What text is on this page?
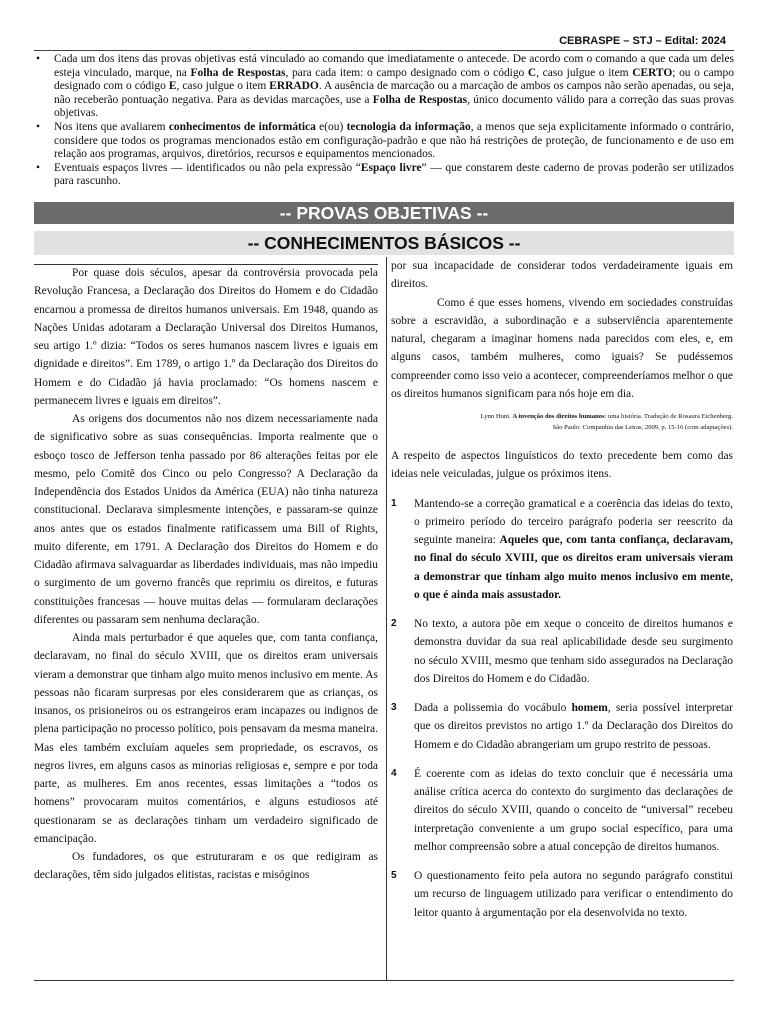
CEBRASPE – STJ – Edital: 2024
•	Cada um dos itens das provas objetivas está vinculado ao comando que imediatamente o antecede. De acordo com o comando a que cada um deles esteja vinculado, marque, na Folha de Respostas, para cada item: o campo designado com o código C, caso julgue o item CERTO; ou o campo designado com o código E, caso julgue o item ERRADO. A ausência de marcação ou a marcação de ambos os campos não serão apenadas, ou seja, não receberão pontuação negativa. Para as devidas marcações, use a Folha de Respostas, único documento válido para a correção das suas provas objetivas.
•	Nos itens que avaliarem conhecimentos de informática e(ou) tecnologia da informação, a menos que seja explicitamente informado o contrário, considere que todos os programas mencionados estão em configuração-padrão e que não há restrições de proteção, de funcionamento e de uso em relação aos programas, arquivos, diretórios, recursos e equipamentos mencionados.
•	Eventuais espaços livres — identificados ou não pela expressão “Espaço livre” — que constarem deste caderno de provas poderão ser utilizados para rascunho.
-- PROVAS OBJETIVAS --
-- CONHECIMENTOS BÁSICOS --

Por quase dois séculos, apesar da controvérsia provocada pela Revolução Francesa, a Declaração dos Direitos do Homem e do Cidadão encarnou a promessa de direitos humanos universais. Em 1948, quando as Nações Unidas adotaram a Declaração Universal dos Direitos Humanos, seu artigo 1.º dizia: “Todos os seres humanos nascem livres e iguais em dignidade e direitos”. Em 1789, o artigo 1.º da Declaração dos Direitos do Homem e do Cidadão já havia proclamado: “Os homens nascem e permanecem livres e iguais em direitos”.

As origens dos documentos não nos dizem necessariamente nada de significativo sobre as suas consequências. Importa realmente que o esboço tosco de Jefferson tenha passado por 86 alterações feitas por ele mesmo, pelo Comitê dos Cinco ou pelo Congresso? A Declaração da Independência dos Estados Unidos da América (EUA) não tinha natureza constitucional. Declarava simplesmente intenções, e passaram-se quinze anos antes que os estados finalmente ratificassem uma Bill of Rights, muito diferente, em 1791. A Declaração dos Direitos do Homem e do Cidadão afirmava salvaguardar as liberdades individuais, mas não impediu o surgimento de um governo francês que reprimiu os direitos, e futuras constituições francesas — houve muitas delas — formularam declarações diferentes ou passaram sem nenhuma declaração.

Ainda mais perturbador é que aqueles que, com tanta confiança, declaravam, no final do século XVIII, que os direitos eram universais vieram a demonstrar que tinham algo muito menos inclusivo em mente. As pessoas não ficaram surpresas por eles considerarem que as crianças, os insanos, os prisioneiros ou os estrangeiros eram incapazes ou indignos de plena participação no processo político, pois pensavam da mesma maneira. Mas eles também excluíam aqueles sem propriedade, os escravos, os negros livres, em alguns casos as minorias religiosas e, sempre e por toda parte, as mulheres. Em anos recentes, essas limitações a “todos os homens” provocaram muitos comentários, e alguns estudiosos até questionaram se as declarações tinham um verdadeiro significado de emancipação.

Os fundadores, os que estruturaram e os que redigiram as declarações, têm sido julgados elitistas, racistas e misóginos

por sua incapacidade de considerar todos verdadeiramente iguais em direitos.

Como é que esses homens, vivendo em sociedades construídas sobre a escravidão, a subordinação e a subserviência aparentemente natural, chegaram a imaginar homens nada parecidos com eles, e, em alguns casos, também mulheres, como iguais? Se pudéssemos compreender como isso veio a acontecer, compreenderíamos melhor o que os direitos humanos significam para nós hoje em dia.

Lynn Hunt. A invenção dos direitos humanos: uma história. Tradução de Rosaura Eichenberg.
São Paulo: Companhia das Letras, 2009, p. 15-16 (com adaptações).
A respeito de aspectos linguísticos do texto precedente bem como das ideias nele veiculadas, julgue os próximos itens.
1	Mantendo-se a correção gramatical e a coerência das ideias do texto, o primeiro período do terceiro parágrafo poderia ser reescrito da seguinte maneira: Aqueles que, com tanta confiança, declaravam, no final do século XVIII, que os direitos eram universais vieram a demonstrar que tinham algo muito menos inclusivo em mente, o que é ainda mais assustador.
2	No texto, a autora põe em xeque o conceito de direitos humanos e demonstra duvidar da sua real aplicabilidade desde seu surgimento no século XVIII, mesmo que tenham sido assegurados na Declaração dos Direitos do Homem e do Cidadão.
3	Dada a polissemia do vocábulo homem, seria possível interpretar que os direitos previstos no artigo 1.º da Declaração dos Direitos do Homem e do Cidadão abrangeriam um grupo restrito de pessoas.
4	É coerente com as ideias do texto concluir que é necessária uma análise crítica acerca do contexto do surgimento das declarações de direitos do século XVIII, quando o conceito de “universal” recebeu interpretação conveniente a um grupo social específico, para uma melhor compreensão sobre a atual concepção de direitos humanos.
5	O questionamento feito pela autora no segundo parágrafo constitui um recurso de linguagem utilizado para verificar o entendimento do leitor quanto à argumentação por ela desenvolvida no texto.
